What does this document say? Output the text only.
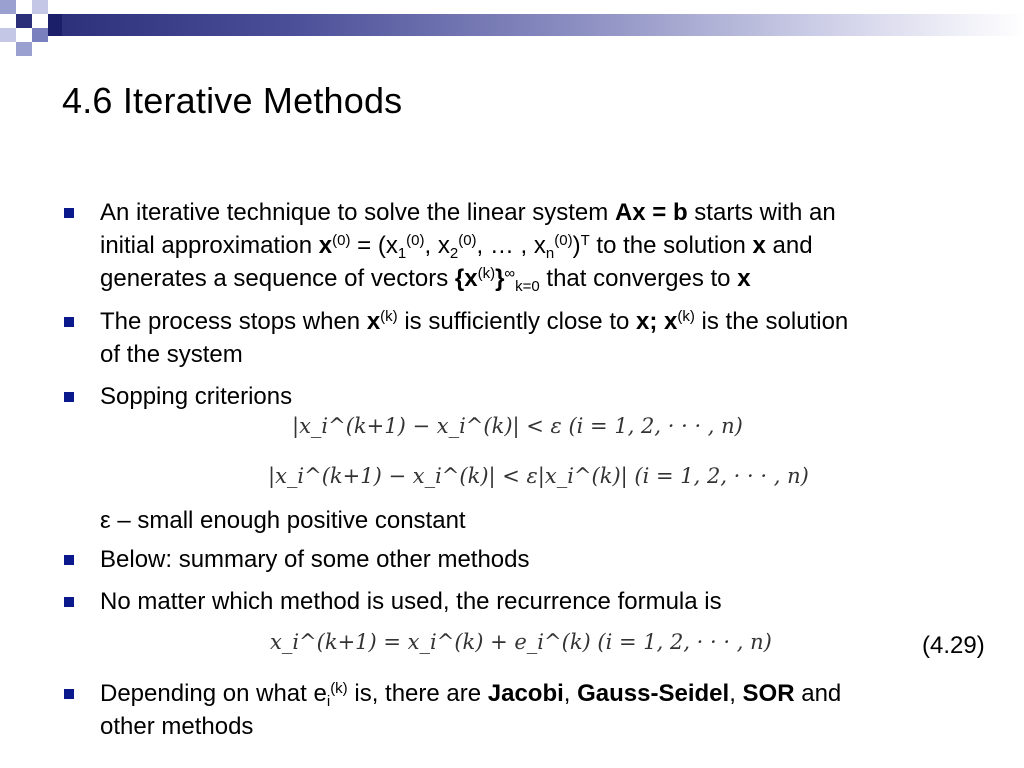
4.6 Iterative Methods
An iterative technique to solve the linear system Ax = b starts with an
initial approximation $x^{(0)} = (x_1^{(0)}$, $x_2^{(0)}$, … , $x_n^{(0)})^T$ to the solution x and
generates a sequence of vectors $\{x^{(k)}\}^\infty_{k=0}$ that converges to x
The process stops when $x^{(k)}$ is sufficiently close to x; $x^{(k)}$ is the solution
of the system
Sopping criterions
|x_i^(k+1) − x_i^(k)| < ε (i = 1, 2, · · · , n)
|x_i^(k+1) − x_i^(k)| < ε|x_i^(k)| (i = 1, 2, · · · , n)
ε – small enough positive constant
Below: summary of some other methods
No matter which method is used, the recurrence formula is
x_i^(k+1) = x_i^(k) + e_i^(k) (i = 1, 2, · · · , n)	(4.29)
Depending on what $e_i^{(k)}$ is, there are Jacobi, Gauss-Seidel, SOR and
other methods
